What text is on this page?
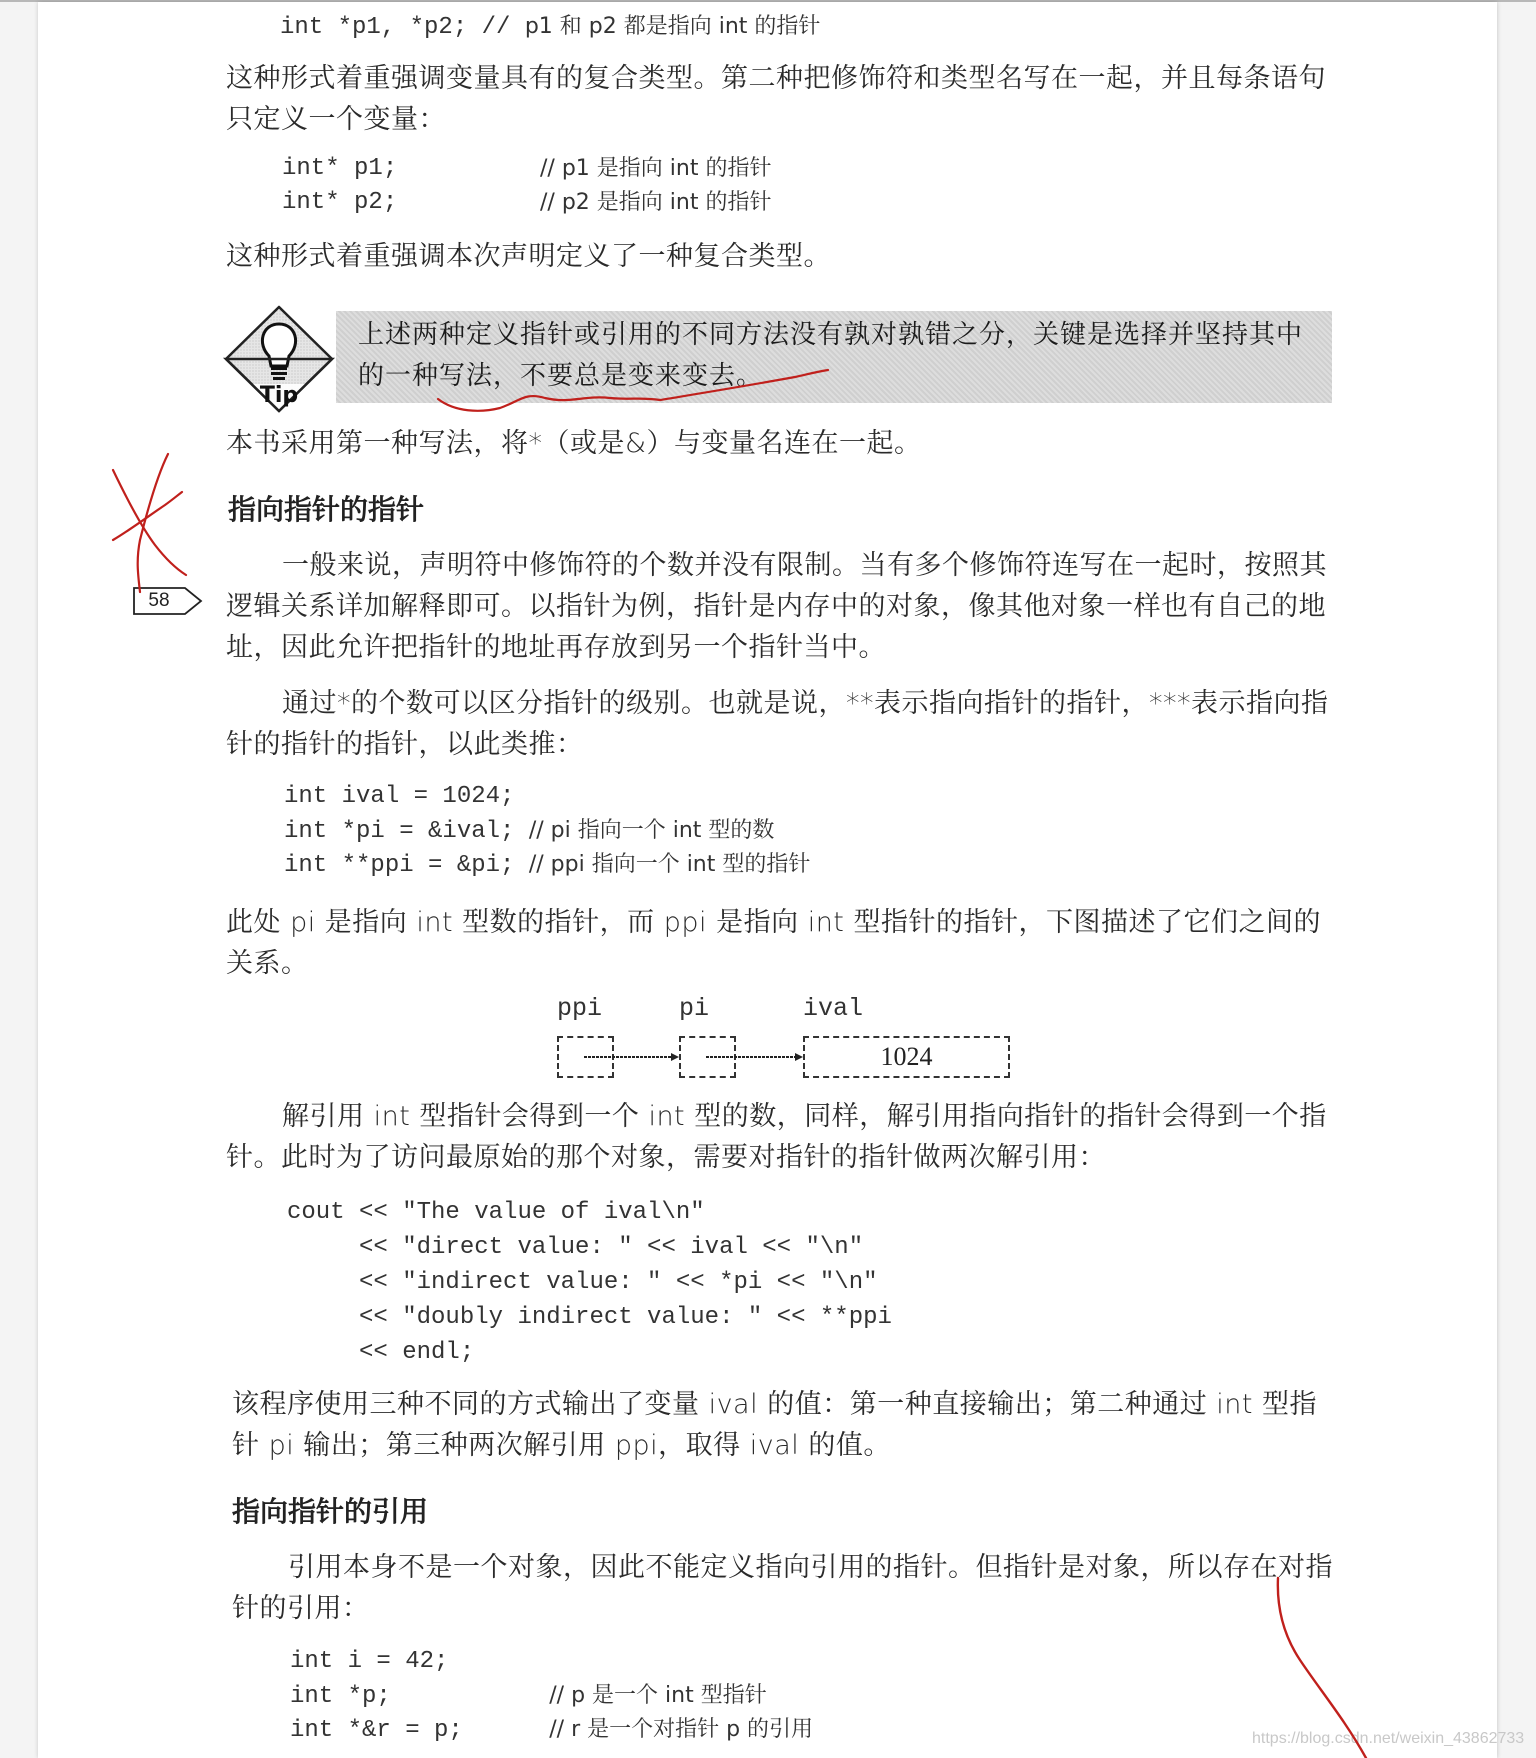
int *p1, *p2; // p1 和 p2 都是指向 int 的指针
这种形式着重强调变量具有的复合类型。第二种把修饰符和类型名写在一起，并且每条语句只定义一个变量：
int* p1;	// p1 是指向 int 的指针
int* p2;	// p2 是指向 int 的指针
这种形式着重强调本次声明定义了一种复合类型。
Tip
上述两种定义指针或引用的不同方法没有孰对孰错之分，关键是选择并坚持其中的一种写法，不要总是变来变去。
本书采用第一种写法，将*（或是&）与变量名连在一起。
指向指针的指针
一般来说，声明符中修饰符的个数并没有限制。当有多个修饰符连写在一起时，按照其逻辑关系详加解释即可。以指针为例，指针是内存中的对象，像其他对象一样也有自己的地址，因此允许把指针的地址再存放到另一个指针当中。
58
通过*的个数可以区分指针的级别。也就是说，**表示指向指针的指针，***表示指向指针的指针的指针，以此类推：
int ival = 1024;
int *pi = &ival; // pi 指向一个 int 型的数
int **ppi = &pi; // ppi 指向一个 int 型的指针
此处 pi 是指向 int 型数的指针，而 ppi 是指向 int 型指针的指针，下图描述了它们之间的关系。
ppi	pi	ival
1024
解引用 int 型指针会得到一个 int 型的数，同样，解引用指向指针的指针会得到一个指针。此时为了访问最原始的那个对象，需要对指针的指针做两次解引用：
cout << "The value of ival\n"
<< "direct value: " << ival << "\n"
<< "indirect value: " << *pi << "\n"
<< "doubly indirect value: " << **ppi
<< endl;
该程序使用三种不同的方式输出了变量 ival 的值：第一种直接输出；第二种通过 int 型指针 pi 输出；第三种两次解引用 ppi，取得 ival 的值。
指向指针的引用
引用本身不是一个对象，因此不能定义指向引用的指针。但指针是对象，所以存在对指针的引用：
int i = 42;
int *p;           // p 是一个 int 型指针
int *&r = p;      // r 是一个对指针 p 的引用	https://blog.csdn.net/weixin_43862733
